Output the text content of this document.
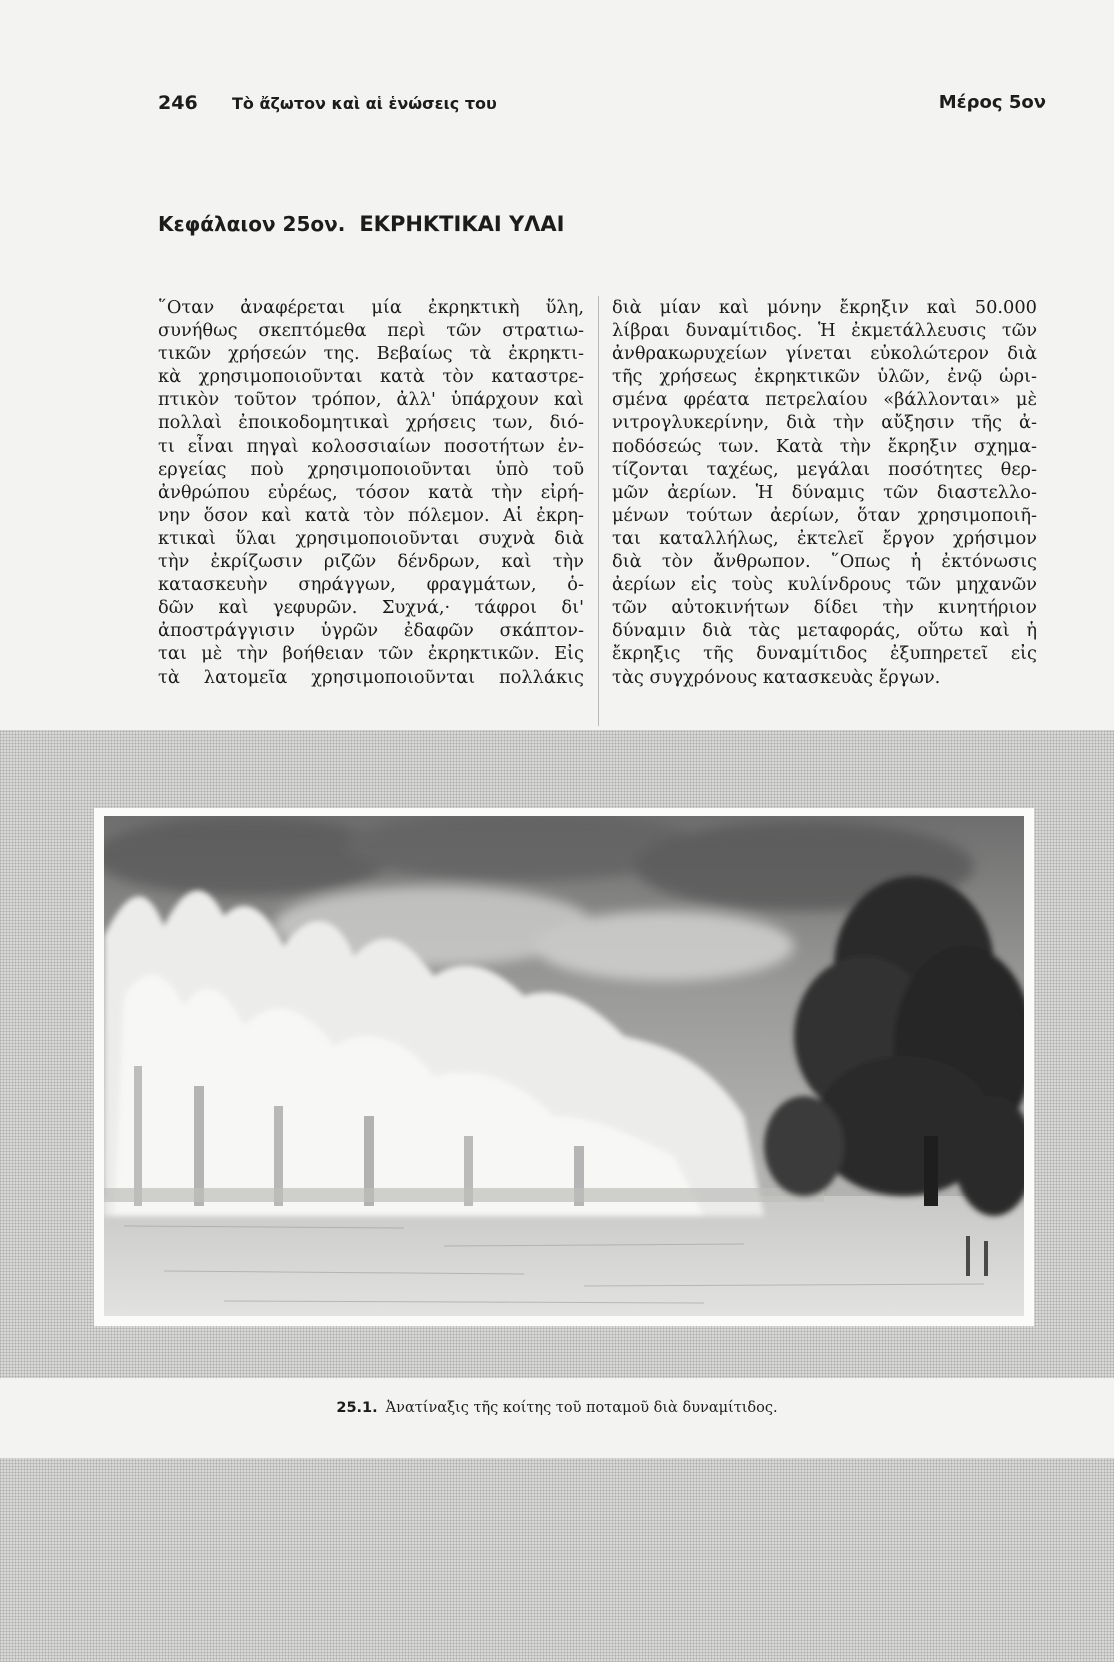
246 Τὸ ἄζωτον καὶ αἱ ἑνώσεις του	Μέρος 5ον
Κεφάλαιον 25ον. ΕΚΡΗΚΤΙΚΑΙ ΥΛΑΙ
῞Οταν ἀναφέρεται μία ἐκρηκτικὴ ὕλη,
συνήθως σκεπτόμεθα περὶ τῶν στρατιω-
τικῶν χρήσεών της. Βεβαίως τὰ ἐκρηκτι-
κὰ χρησιμοποιοῦνται κατὰ τὸν καταστρε-
πτικὸν τοῦτον τρόπον, ἀλλ' ὑπάρχουν καὶ
πολλαὶ ἐποικοδομητικαὶ χρήσεις των, διό-
τι εἶναι πηγαὶ κολοσσιαίων ποσοτήτων ἐν-
εργείας ποὺ χρησιμοποιοῦνται ὑπὸ τοῦ
ἀνθρώπου εὐρέως, τόσον κατὰ τὴν εἰρή-
νην ὅσον καὶ κατὰ τὸν πόλεμον. Αἱ ἐκρη-
κτικαὶ ὕλαι χρησιμοποιοῦνται συχνὰ διὰ
τὴν ἐκρίζωσιν ριζῶν δένδρων, καὶ τὴν
κατασκευὴν σηράγγων, φραγμάτων, ὁ-
δῶν καὶ γεφυρῶν. Συχνά,· τάφροι δι'
ἀποστράγγισιν ὑγρῶν ἐδαφῶν σκάπτον-
ται μὲ τὴν βοήθειαν τῶν ἐκρηκτικῶν. Εἰς
τὰ λατομεῖα χρησιμοποιοῦνται πολλάκις
διὰ μίαν καὶ μόνην ἔκρηξιν καὶ 50.000
λίβραι δυναμίτιδος. Ἡ ἐκμετάλλευσις τῶν
ἀνθρακωρυχείων γίνεται εὐκολώτερον διὰ
τῆς χρήσεως ἐκρηκτικῶν ὑλῶν, ἐνῷ ὡρι-
σμένα φρέατα πετρελαίου «βάλλονται» μὲ
νιτρογλυκερίνην, διὰ τὴν αὔξησιν τῆς ἀ-
ποδόσεώς των. Κατὰ τὴν ἔκρηξιν σχημα-
τίζονται ταχέως, μεγάλαι ποσότητες θερ-
μῶν ἀερίων. Ἡ δύναμις τῶν διαστελλο-
μένων τούτων ἀερίων, ὅταν χρησιμοποιῆ-
ται καταλλήλως, ἐκτελεῖ ἔργον χρήσιμον
διὰ τὸν ἄνθρωπον. ῞Οπως ἡ ἐκτόνωσις
ἀερίων εἰς τοὺς κυλίνδρους τῶν μηχανῶν
τῶν αὐτοκινήτων δίδει τὴν κινητήριον
δύναμιν διὰ τὰς μεταφοράς, οὕτω καὶ ἡ
ἔκρηξις τῆς δυναμίτιδος ἐξυπηρετεῖ εἰς
τὰς συγχρόνους κατασκευὰς ἔργων.
25.1. Ἀνατίναξις τῆς κοίτης τοῦ ποταμοῦ διὰ δυναμίτιδος.
